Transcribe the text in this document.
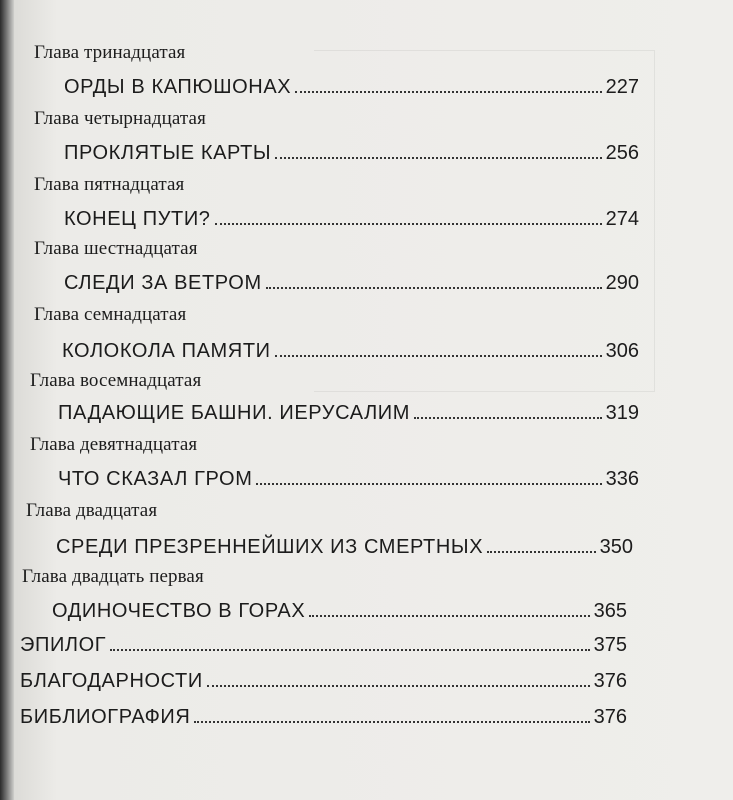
Глава тринадцатая
ОРДЫ В КАПЮШОНАХ	227
Глава четырнадцатая
ПРОКЛЯТЫЕ КАРТЫ	256
Глава пятнадцатая
КОНЕЦ ПУТИ?	274
Глава шестнадцатая
СЛЕДИ ЗА ВЕТРОМ	290
Глава семнадцатая
КОЛОКОЛА ПАМЯТИ	306
Глава восемнадцатая
ПАДАЮЩИЕ БАШНИ. ИЕРУСАЛИМ	319
Глава девятнадцатая
ЧТО СКАЗАЛ ГРОМ	336
Глава двадцатая
СРЕДИ ПРЕЗРЕННЕЙШИХ ИЗ СМЕРТНЫХ	350
Глава двадцать первая
ОДИНОЧЕСТВО В ГОРАХ	365
ЭПИЛОГ	375
БЛАГОДАРНОСТИ	376
БИБЛИОГРАФИЯ	376
